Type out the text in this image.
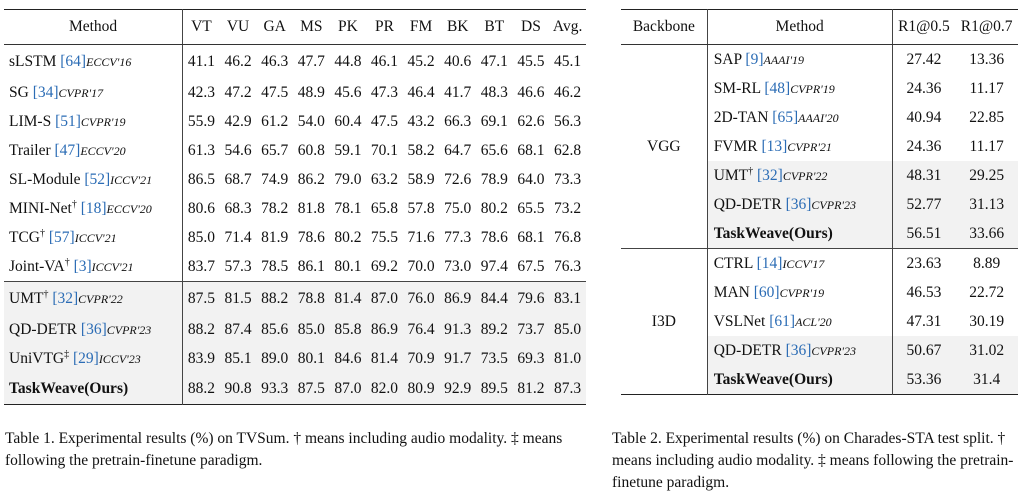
Method	VT	VU	GA	MS	PK	PR	FM	BK	BT	DS	Avg.
sLSTM [64]ECCV'16	41.1	46.2	46.3	47.7	44.8	46.1	45.2	40.6	47.1	45.5	45.1
SG [34]CVPR'17	42.3	47.2	47.5	48.9	45.6	47.3	46.4	41.7	48.3	46.6	46.2
LIM-S [51]CVPR'19	55.9	42.9	61.2	54.0	60.4	47.5	43.2	66.3	69.1	62.6	56.3
Trailer [47]ECCV'20	61.3	54.6	65.7	60.8	59.1	70.1	58.2	64.7	65.6	68.1	62.8
SL-Module [52]ICCV'21	86.5	68.7	74.9	86.2	79.0	63.2	58.9	72.6	78.9	64.0	73.3
MINI-Net† [18]ECCV'20	80.6	68.3	78.2	81.8	78.1	65.8	57.8	75.0	80.2	65.5	73.2
TCG† [57]ICCV'21	85.0	71.4	81.9	78.6	80.2	75.5	71.6	77.3	78.6	68.1	76.8
Joint-VA† [3]ICCV'21	83.7	57.3	78.5	86.1	80.1	69.2	70.0	73.0	97.4	67.5	76.3
UMT† [32]CVPR'22	87.5	81.5	88.2	78.8	81.4	87.0	76.0	86.9	84.4	79.6	83.1
QD-DETR [36]CVPR'23	88.2	87.4	85.6	85.0	85.8	86.9	76.4	91.3	89.2	73.7	85.0
UniVTG‡ [29]ICCV'23	83.9	85.1	89.0	80.1	84.6	81.4	70.9	91.7	73.5	69.3	81.0
TaskWeave(Ours)	88.2	90.8	93.3	87.5	87.0	82.0	80.9	92.9	89.5	81.2	87.3
Backbone	Method	R1@0.5	R1@0.7
VGG	SAP [9]AAAI'19	27.42	13.36
	SM-RL [48]CVPR'19	24.36	11.17
	2D-TAN [65]AAAI'20	40.94	22.85
	FVMR [13]CVPR'21	24.36	11.17
	UMT† [32]CVPR'22	48.31	29.25
	QD-DETR [36]CVPR'23	52.77	31.13
	TaskWeave(Ours)	56.51	33.66
I3D	CTRL [14]ICCV'17	23.63	8.89
	MAN [60]CVPR'19	46.53	22.72
	VSLNet [61]ACL'20	47.31	30.19
	QD-DETR [36]CVPR'23	50.67	31.02
	TaskWeave(Ours)	53.36	31.4

Table 1. Experimental results (%) on TVSum. † means including audio modality. ‡ means following the pretrain-finetune paradigm.

Table 2. Experimental results (%) on Charades-STA test split. † means including audio modality. ‡ means following the pretrain-finetune paradigm.
